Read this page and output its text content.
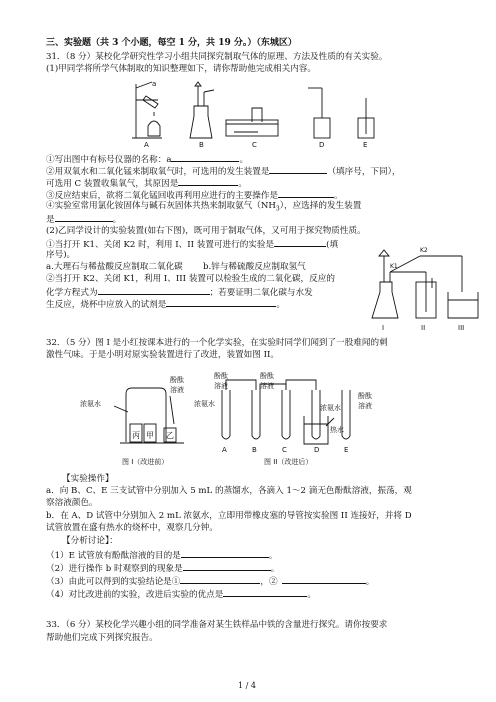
三、实验题（共 3 个小题，每空 1 分，共 19 分。）（东城区）
31．（8 分）某校化学研究性学习小组共同探究制取气体的原理、方法及性质的有关实验。
(1)甲同学将所学气体制取的知识整理如下，请你帮助他完成相关内容。
a
A	B	C	D	E
①写出图中有标号仪器的名称：a	。
②用双氧水和二氧化锰来制取氧气时，可选用的发生装置是	（填序号，下同），
可选用 C 装置收集氧气，其原因是	。
③反应结束后，欲将二氧化锰回收再利用应进行的主要操作是	。
④实验室常用氯化铵固体与碱石灰固体共热来制取氨气$(NH_3)$，应选择的发生装置
是	。
(2)乙同学设计的实验装置(如右下图)，既可用于制取气体，又可用于探究物质性质。
①当打开 K1、关闭 K2 时，利用 I、II 装置可进行的实验是	(填
序号)。
a.大理石与稀盐酸反应制取二氧化碳 b.锌与稀硫酸反应制取氢气
②当打开 K2、关闭 K1，利用 I、III 装置可以检验生成的二氧化碳，反应的
化学方程式为	；若要证明二氧化碳与水发
生反应，烧杯中应放入的试剂是	。
K1
K2
I	II	III
32．（5 分）图 I 是小红按课本进行的一个化学实验，在实验时同学们闻到了一股难闻的刺
激性气味。于是小明对原实验装置进行了改进，装置如图 II。
浓氨水
酚酞
溶液
丙 甲 乙
图 I（改进前）
浓氨水
酚酞
溶液
酚酞
溶液
浓氨水
热水
酚酞
溶液
A	B	C	D	E
图 II（改进后）
【实验操作】
a．向 B、C、E 三支试管中分别加入 5 mL 的蒸馏水，各滴入 1～2 滴无色酚酞溶液，振荡，观
察溶液颜色。
b．在 A、D 试管中分别加入 2 mL 浓氨水，立即用带橡皮塞的导管按实验图 II 连接好，并将 D
试管放置在盛有热水的烧杯中，观察几分钟。
【分析讨论】：
（1）E 试管放有酚酞溶液的目的是	。
（2）进行操作 b 时观察到的现象是	。
（3）由此可以得到的实验结论是①	，②	。
（4）对比改进前的实验，改进后实验的优点是	。
33．（6 分）某校化学兴趣小组的同学准备对某生铁样品中铁的含量进行探究。请你按要求
帮助他们完成下列探究报告。
1 / 4
